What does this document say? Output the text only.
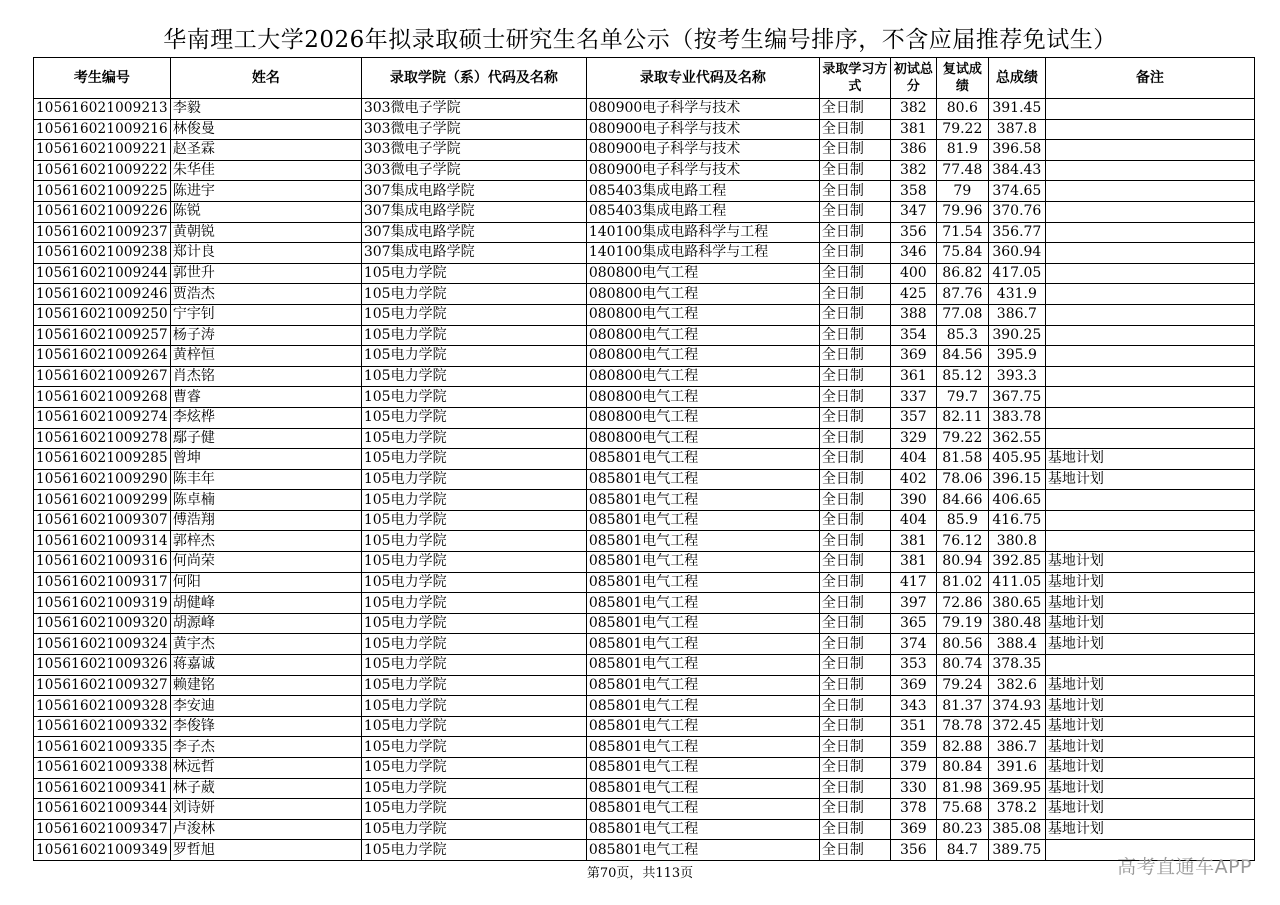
华南理工大学2026年拟录取硕士研究生名单公示（按考生编号排序，不含应届推荐免试生）
考生编号	姓名	录取学院（系）代码及名称	录取专业代码及名称	录取学习方式	初试总分	复试成绩	总成绩	备注
105616021009213	李毅	303微电子学院	080900电子科学与技术	全日制	382	80.6	391.45	
105616021009216	林俊曼	303微电子学院	080900电子科学与技术	全日制	381	79.22	387.8	
105616021009221	赵圣霖	303微电子学院	080900电子科学与技术	全日制	386	81.9	396.58	
105616021009222	朱华佳	303微电子学院	080900电子科学与技术	全日制	382	77.48	384.43	
105616021009225	陈进宇	307集成电路学院	085403集成电路工程	全日制	358	79	374.65	
105616021009226	陈锐	307集成电路学院	085403集成电路工程	全日制	347	79.96	370.76	
105616021009237	黄朝锐	307集成电路学院	140100集成电路科学与工程	全日制	356	71.54	356.77	
105616021009238	郑计良	307集成电路学院	140100集成电路科学与工程	全日制	346	75.84	360.94	
105616021009244	郭世升	105电力学院	080800电气工程	全日制	400	86.82	417.05	
105616021009246	贾浩杰	105电力学院	080800电气工程	全日制	425	87.76	431.9	
105616021009250	宁宇钊	105电力学院	080800电气工程	全日制	388	77.08	386.7	
105616021009257	杨子涛	105电力学院	080800电气工程	全日制	354	85.3	390.25	
105616021009264	黄梓恒	105电力学院	080800电气工程	全日制	369	84.56	395.9	
105616021009267	肖杰铭	105电力学院	080800电气工程	全日制	361	85.12	393.3	
105616021009268	曹睿	105电力学院	080800电气工程	全日制	337	79.7	367.75	
105616021009274	李炫桦	105电力学院	080800电气工程	全日制	357	82.11	383.78	
105616021009278	鄢子健	105电力学院	080800电气工程	全日制	329	79.22	362.55	
105616021009285	曾坤	105电力学院	085801电气工程	全日制	404	81.58	405.95	基地计划
105616021009290	陈丰年	105电力学院	085801电气工程	全日制	402	78.06	396.15	基地计划
105616021009299	陈卓楠	105电力学院	085801电气工程	全日制	390	84.66	406.65	
105616021009307	傅浩翔	105电力学院	085801电气工程	全日制	404	85.9	416.75	
105616021009314	郭梓杰	105电力学院	085801电气工程	全日制	381	76.12	380.8	
105616021009316	何尚荣	105电力学院	085801电气工程	全日制	381	80.94	392.85	基地计划
105616021009317	何阳	105电力学院	085801电气工程	全日制	417	81.02	411.05	基地计划
105616021009319	胡健峰	105电力学院	085801电气工程	全日制	397	72.86	380.65	基地计划
105616021009320	胡源峰	105电力学院	085801电气工程	全日制	365	79.19	380.48	基地计划
105616021009324	黄宇杰	105电力学院	085801电气工程	全日制	374	80.56	388.4	基地计划
105616021009326	蒋嘉诚	105电力学院	085801电气工程	全日制	353	80.74	378.35	
105616021009327	赖建铭	105电力学院	085801电气工程	全日制	369	79.24	382.6	基地计划
105616021009328	李安迪	105电力学院	085801电气工程	全日制	343	81.37	374.93	基地计划
105616021009332	李俊锋	105电力学院	085801电气工程	全日制	351	78.78	372.45	基地计划
105616021009335	李子杰	105电力学院	085801电气工程	全日制	359	82.88	386.7	基地计划
105616021009338	林远哲	105电力学院	085801电气工程	全日制	379	80.84	391.6	基地计划
105616021009341	林子葳	105电力学院	085801电气工程	全日制	330	81.98	369.95	基地计划
105616021009344	刘诗妍	105电力学院	085801电气工程	全日制	378	75.68	378.2	基地计划
105616021009347	卢浚林	105电力学院	085801电气工程	全日制	369	80.23	385.08	基地计划
105616021009349	罗哲旭	105电力学院	085801电气工程	全日制	356	84.7	389.75	
第70页，共113页	高考直通车APP
